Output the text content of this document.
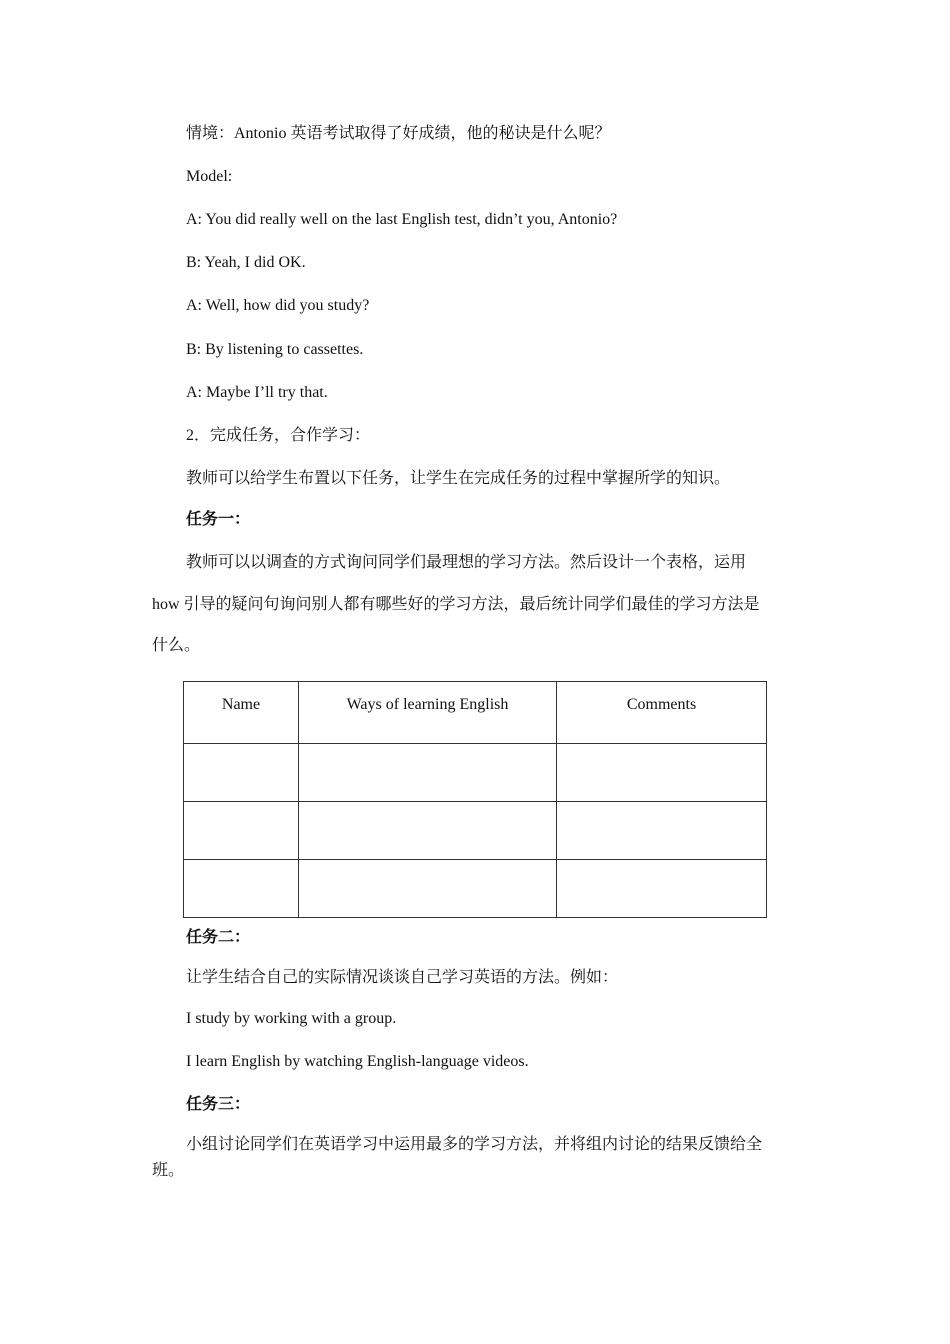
情境：Antonio 英语考试取得了好成绩，他的秘诀是什么呢？
Model:
A: You did really well on the last English test, didn’t you, Antonio?
B: Yeah, I did OK.
A: Well, how did you study?
B: By listening to cassettes.
A: Maybe I’ll try that.
2．完成任务，合作学习：
教师可以给学生布置以下任务，让学生在完成任务的过程中掌握所学的知识。
任务一：
教师可以以调查的方式询问同学们最理想的学习方法。然后设计一个表格，运用
how 引导的疑问句询问别人都有哪些好的学习方法，最后统计同学们最佳的学习方法是
什么。
Name	Ways of learning English	Comments

任务二：
让学生结合自己的实际情况谈谈自己学习英语的方法。例如：
I study by working with a group.
I learn English by watching English-language videos.
任务三：
小组讨论同学们在英语学习中运用最多的学习方法，并将组内讨论的结果反馈给全
班。
